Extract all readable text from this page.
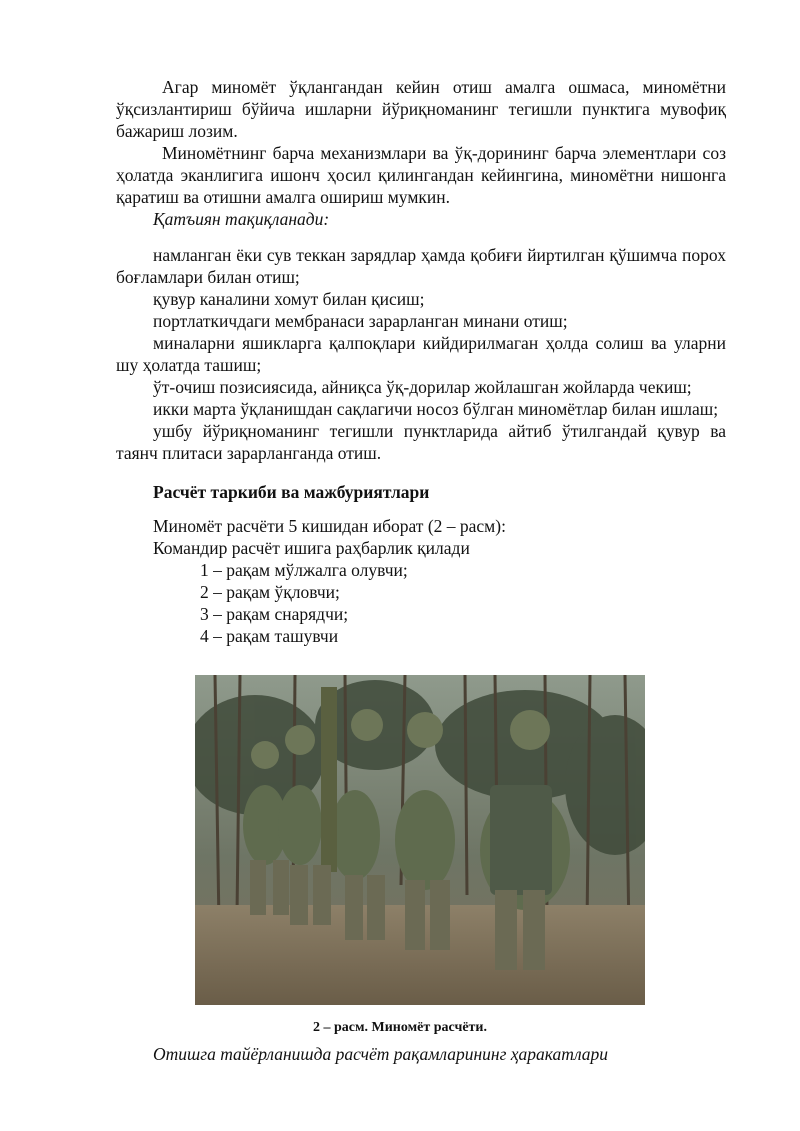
Агар миномёт ўқлангандан кейин отиш амалга ошмаса, миномётни ўқсизлантириш бўйича ишларни йўриқноманинг тегишли пунктига мувофиқ бажариш лозим.

Миномётнинг барча механизмлари ва ўқ-дорининг барча элементлари соз ҳолатда эканлигига ишонч ҳосил қилингандан кейингина, миномётни нишонга қаратиш ва отишни амалга ошириш мумкин.

Қатъиян тақиқланади:

намланган ёки сув теккан зарядлар ҳамда қобиғи йиртилган қўшимча порох боғламлари билан отиш;

қувур каналини хомут билан қисиш;

портлаткичдаги мембранаси зарарланган минани отиш;

миналарни яшикларга қалпоқлари кийдирилмаган ҳолда солиш ва уларни шу ҳолатда ташиш;

ўт-очиш позисиясида, айниқса ўқ-дорилар жойлашган жойларда чекиш;

икки марта ўқланишдан сақлагичи носоз бўлган миномётлар билан ишлаш;

ушбу йўриқноманинг тегишли пунктларида айтиб ўтилгандай қувур ва таянч плитаси зарарланганда отиш.

Расчёт таркиби ва мажбуриятлари

Миномёт расчёти 5 кишидан иборат (2 – расм):

Командир расчёт ишига раҳбарлик қилади

1 – рақам мўлжалга олувчи;
2 – рақам ўқловчи;
3 – рақам снарядчи;
4 – рақам ташувчи
2 – расм. Миномёт расчёти.
Отишга тайёрланишда расчёт рақамларининг ҳаракатлари
